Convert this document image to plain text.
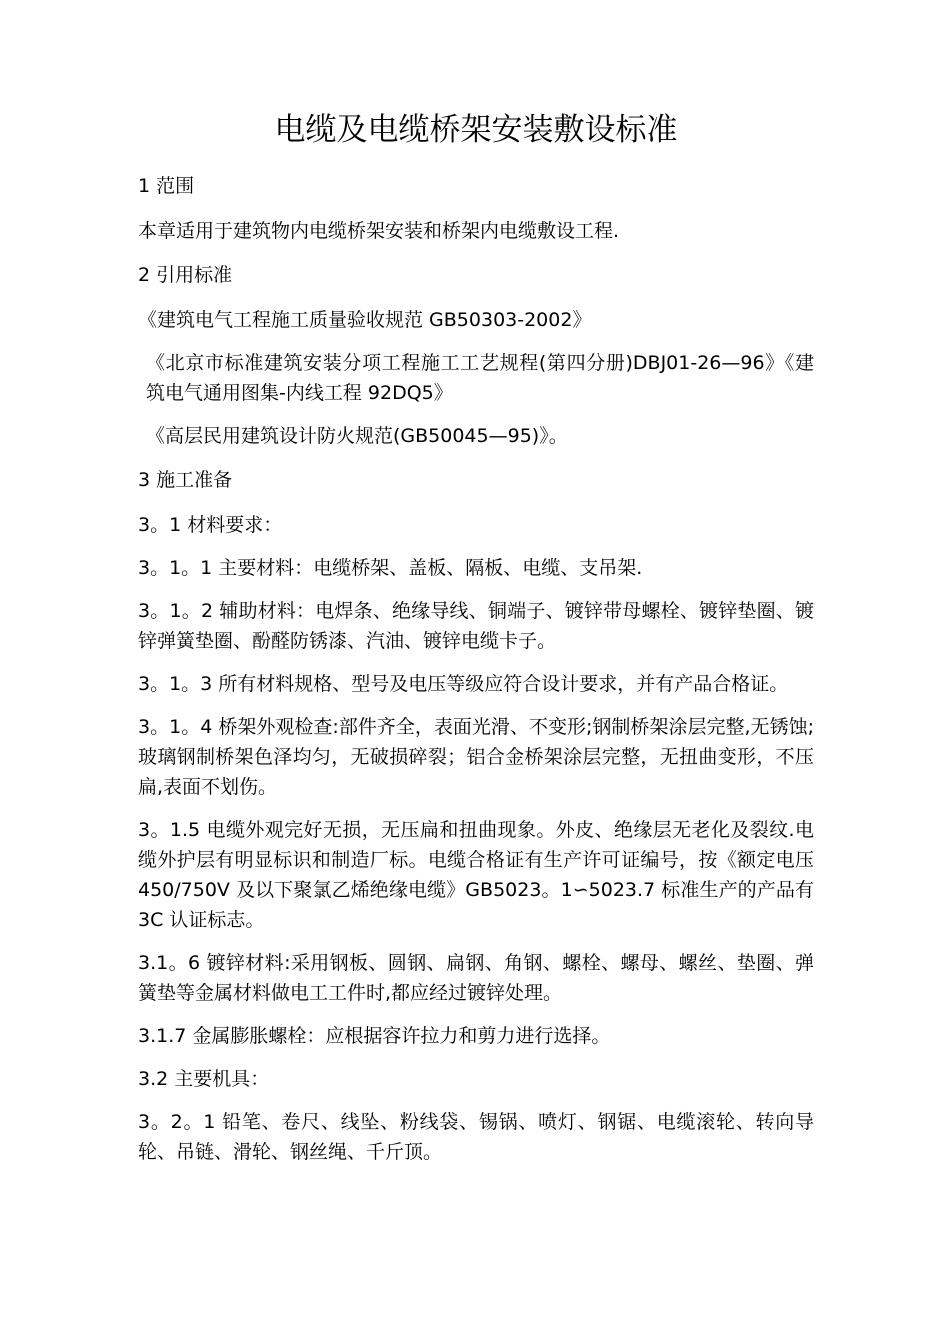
电缆及电缆桥架安装敷设标准
1 范围

本章适用于建筑物内电缆桥架安装和桥架内电缆敷设工程.

2 引用标准

《建筑电气工程施工质量验收规范 GB50303-2002》

《北京市标准建筑安装分项工程施工工艺规程(第四分册)DBJ01-26—96》《建筑电气通用图集-内线工程 92DQ5》

《高层民用建筑设计防火规范(GB50045—95)》。

3 施工准备

3。1 材料要求：

3。1。1 主要材料：电缆桥架、盖板、隔板、电缆、支吊架.

3。1。2 辅助材料：电焊条、绝缘导线、铜端子、镀锌带母螺栓、镀锌垫圈、镀锌弹簧垫圈、酚醛防锈漆、汽油、镀锌电缆卡子。

3。1。3 所有材料规格、型号及电压等级应符合设计要求，并有产品合格证。

3。1。4 桥架外观检查:部件齐全，表面光滑、不变形;钢制桥架涂层完整,无锈蚀;玻璃钢制桥架色泽均匀，无破损碎裂；铝合金桥架涂层完整，无扭曲变形，不压扁,表面不划伤。

3。1.5 电缆外观完好无损，无压扁和扭曲现象。外皮、绝缘层无老化及裂纹.电缆外护层有明显标识和制造厂标。电缆合格证有生产许可证编号，按《额定电压 450/750V 及以下聚氯乙烯绝缘电缆》GB5023。1∽5023.7 标准生产的产品有 3C 认证标志。

3.1。6 镀锌材料:采用钢板、圆钢、扁钢、角钢、螺栓、螺母、螺丝、垫圈、弹簧垫等金属材料做电工工件时,都应经过镀锌处理。

3.1.7 金属膨胀螺栓：应根据容许拉力和剪力进行选择。

3.2 主要机具：

3。2。1 铅笔、卷尺、线坠、粉线袋、锡锅、喷灯、钢锯、电缆滚轮、转向导轮、吊链、滑轮、钢丝绳、千斤顶。
